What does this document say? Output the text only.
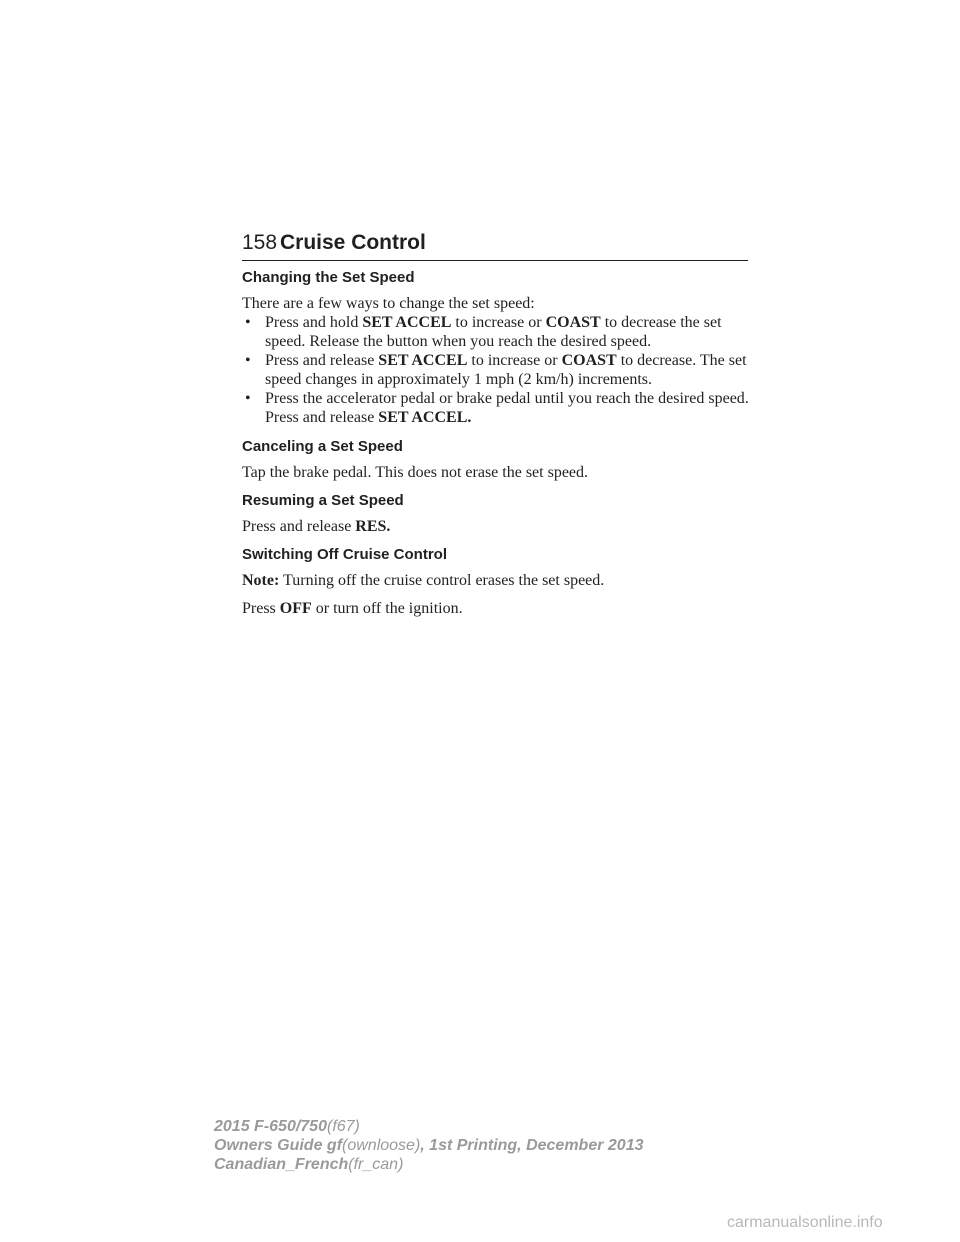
158 Cruise Control
Changing the Set Speed
There are a few ways to change the set speed:
• Press and hold SET ACCEL to increase or COAST to decrease the set speed. Release the button when you reach the desired speed.
• Press and release SET ACCEL to increase or COAST to decrease. The set speed changes in approximately 1 mph (2 km/h) increments.
• Press the accelerator pedal or brake pedal until you reach the desired speed. Press and release SET ACCEL.
Canceling a Set Speed
Tap the brake pedal. This does not erase the set speed.
Resuming a Set Speed
Press and release RES.
Switching Off Cruise Control
Note: Turning off the cruise control erases the set speed.
Press OFF or turn off the ignition.
2015 F-650/750(f67)
Owners Guide gf(ownloose), 1st Printing, December 2013
Canadian_French(fr_can)
carmanualsonline.info
